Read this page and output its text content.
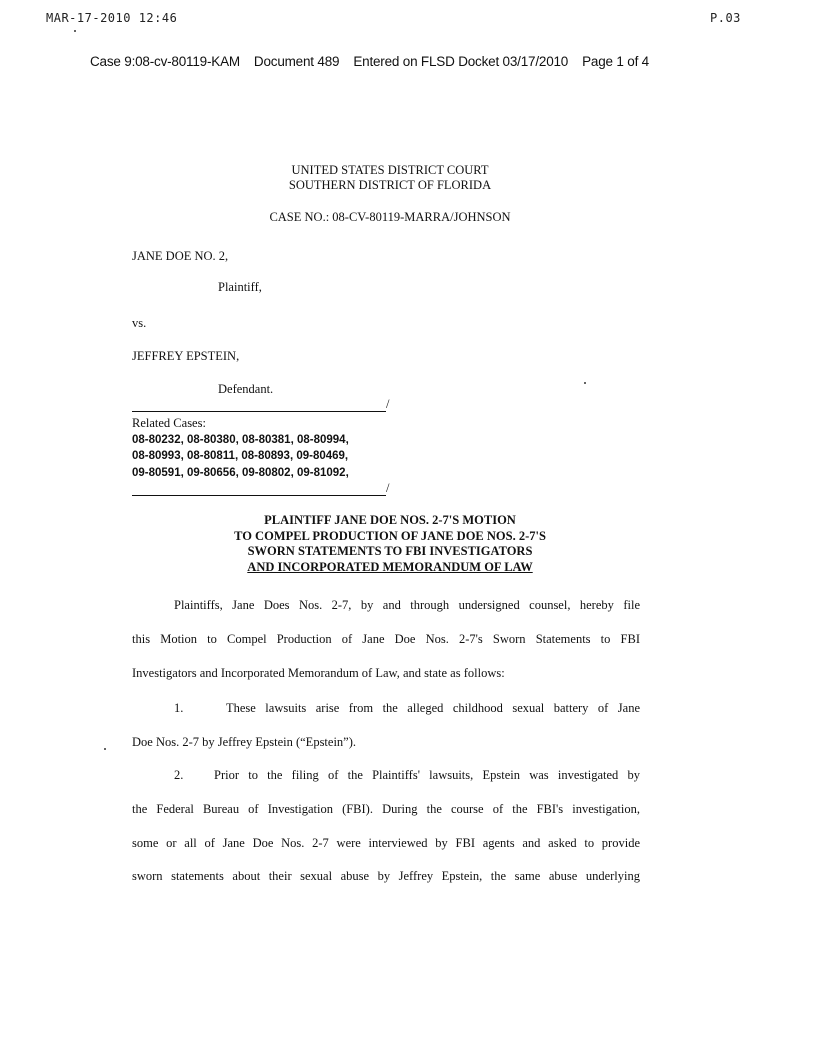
MAR-17-2010 12:46	P.03
Case 9:08-cv-80119-KAM Document 489 Entered on FLSD Docket 03/17/2010 Page 1 of 4
UNITED STATES DISTRICT COURT
SOUTHERN DISTRICT OF FLORIDA
CASE NO.: 08-CV-80119-MARRA/JOHNSON
JANE DOE NO. 2,
Plaintiff,
vs.
JEFFREY EPSTEIN,
Defendant.
/
Related Cases:
08-80232, 08-80380, 08-80381, 08-80994,
08-80993, 08-80811, 08-80893, 09-80469,
09-80591, 09-80656, 09-80802, 09-81092,
/
PLAINTIFF JANE DOE NOS. 2-7'S MOTION
TO COMPEL PRODUCTION OF JANE DOE NOS. 2-7'S
SWORN STATEMENTS TO FBI INVESTIGATORS
AND INCORPORATED MEMORANDUM OF LAW
Plaintiffs, Jane Does Nos. 2-7, by and through undersigned counsel, hereby file
this Motion to Compel Production of Jane Doe Nos. 2-7's Sworn Statements to FBI
Investigators and Incorporated Memorandum of Law, and state as follows:
1.	These lawsuits arise from the alleged childhood sexual battery of Jane
Doe Nos. 2-7 by Jeffrey Epstein (“Epstein”).
2. Prior to the filing of the Plaintiffs' lawsuits, Epstein was investigated by
the Federal Bureau of Investigation (FBI). During the course of the FBI's investigation,
some or all of Jane Doe Nos. 2-7 were interviewed by FBI agents and asked to provide
sworn statements about their sexual abuse by Jeffrey Epstein, the same abuse underlying
